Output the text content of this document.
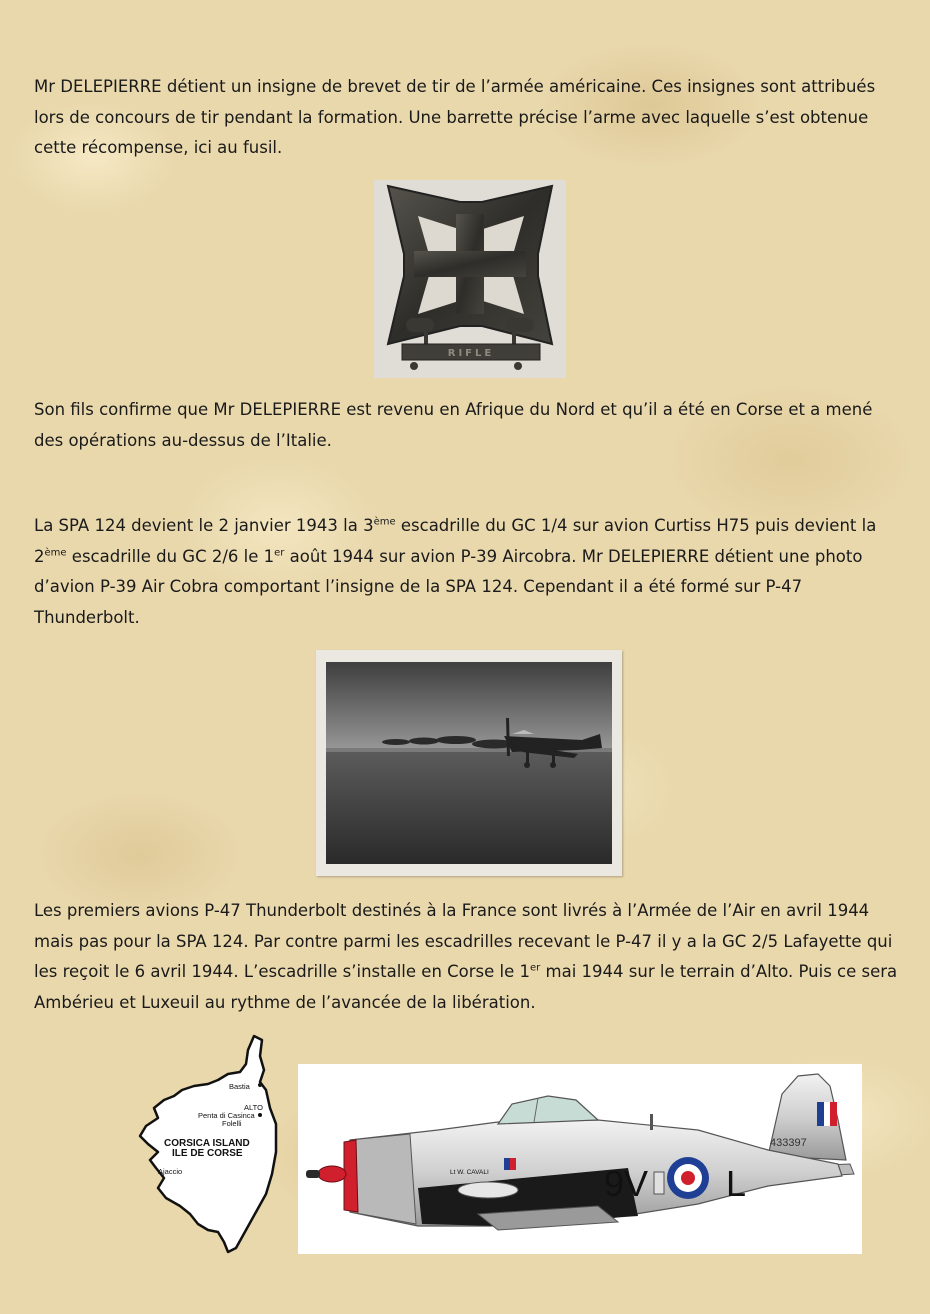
Mr DELEPIERRE détient un insigne de brevet de tir de l’armée américaine. Ces insignes sont attribués lors de concours de tir pendant la formation. Une barrette précise l’arme avec laquelle s’est obtenue cette récompense, ici au fusil.

RIFLE

Son fils confirme que Mr DELEPIERRE est revenu en Afrique du Nord et qu’il a été en Corse et a mené des opérations au-dessus de l’Italie.

La SPA 124 devient le 2 janvier 1943 la 3ème escadrille du GC 1/4 sur avion Curtiss H75 puis devient la 2ème escadrille du GC 2/6 le 1er août 1944 sur avion P-39 Aircobra. Mr DELEPIERRE détient une photo d’avion P-39 Air Cobra comportant l’insigne de la SPA 124. Cependant il a été formé sur P-47 Thunderbolt.

Les premiers avions P-47 Thunderbolt destinés à la France sont livrés à l’Armée de l’Air en avril 1944 mais pas pour la SPA 124. Par contre parmi les escadrilles recevant le P-47 il y a la GC 2/5 Lafayette qui les reçoit le 6 avril 1944. L’escadrille s’installe en Corse le 1er mai 1944 sur le terrain d’Alto. Puis ce sera Ambérieu et Luxeuil au rythme de l’avancée de la libération.

Bastia
ALTO
Penta di Casinca
Folelli
CORSICA ISLAND
ILE DE CORSE
Ajaccio
433397
Lt W. CAVALI	9V L
